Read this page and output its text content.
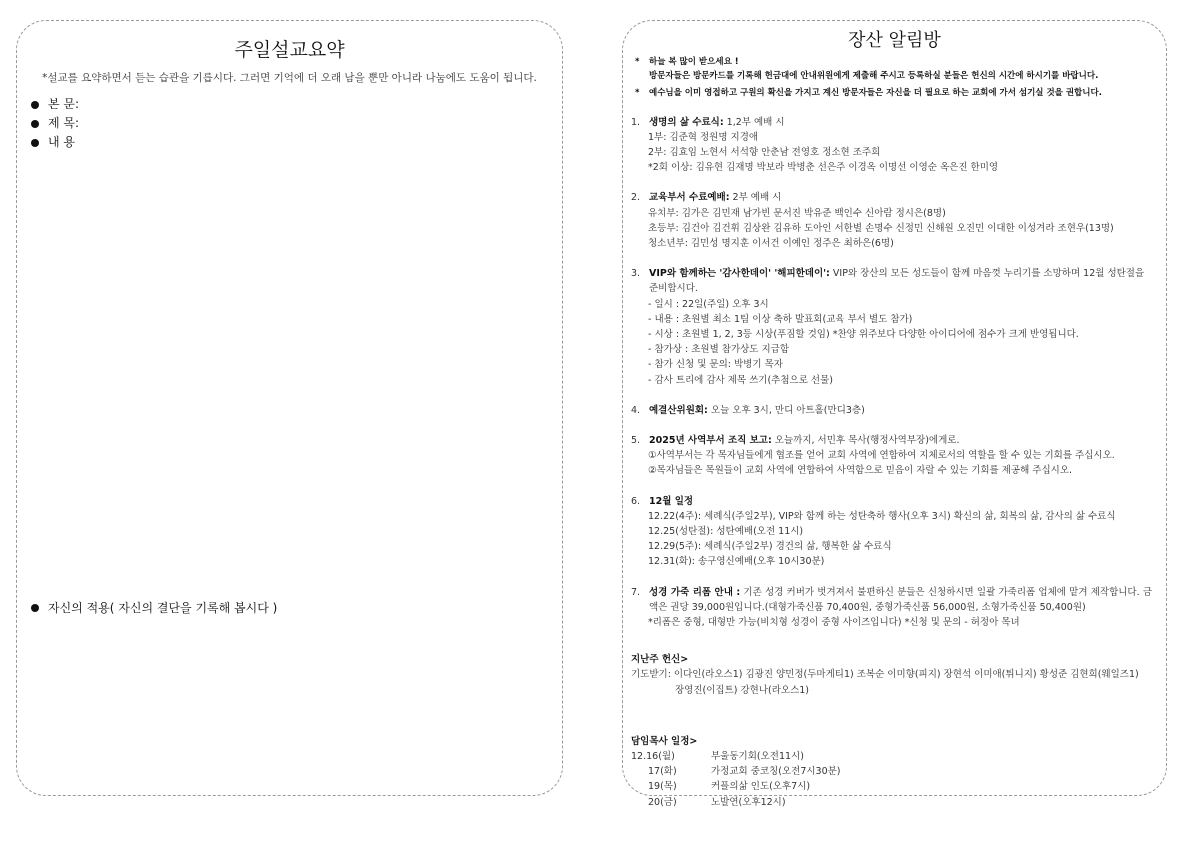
주일설교요약
*설교를 요약하면서 듣는 습관을 기릅시다. 그러면 기억에 더 오래 남을 뿐만 아니라 나눔에도 도움이 됩니다.
본 문:
제 목:
내 용
자신의 적용( 자신의 결단을 기록해 봅시다 )
장산 알림방
*	하늘 복 많이 받으세요 !
방문자들은 방문카드를 기록해 헌금대에 안내위원에게 제출해 주시고 등록하실 분들은 헌신의 시간에 하시기를 바랍니다.
*	예수님을 이미 영접하고 구원의 확신을 가지고 계신 방문자들은 자신을 더 필요로 하는 교회에 가서 섬기실 것을 권합니다.
1. 생명의 삶 수료식: 1,2부 예배 시
1부: 김준혁 정원명 지경애
2부: 김효임 노현서 서석향 안춘남 전영호 정소현 조주희
*2회 이상: 김유현 김재명 박보라 박병춘 선은주 이경옥 이명선 이영순 옥은진 한미영
2. 교육부서 수료예배: 2부 예배 시
유치부: 김가은 김민재 남가빈 문서진 박유준 백인수 신아람 정시은(8명)
초등부: 김건아 김건휘 김상완 김유하 도아인 서한별 손명수 신정민 신해원 오진민 이대한 이성겨라 조현우(13명)
청소년부: 김민성 명지훈 이서건 이예인 정주은 최하은(6명)
3. VIP와 함께하는 '감사한데이' '해피한데이': VIP와 장산의 모든 성도들이 함께 마음껏 누리기를 소망하며 12월 성탄절을 준비합시다.
- 일시 : 22일(주일) 오후 3시
- 내용 : 초원별 최소 1팀 이상 축하 발표회(교육 부서 별도 참가)
- 시상 : 초원별 1, 2, 3등 시상(푸짐할 것임) *찬양 위주보다 다양한 아이디어에 점수가 크게 반영됩니다.
- 참가상 : 초원별 참가상도 지급함
- 참가 신청 및 문의: 박병기 목자
- 감사 트리에 감사 제목 쓰기(추첨으로 선물)
4. 예결산위원회: 오늘 오후 3시, 만디 아트홀(만디3층)
5. 2025년 사역부서 조직 보고: 오늘까지, 서민후 목사(행정사역부장)에게로.
①사역부서는 각 목자님들에게 협조를 얻어 교회 사역에 연합하여 지체로서의 역할을 할 수 있는 기회를 주십시오.
②목자님들은 목원들이 교회 사역에 연합하여 사역함으로 믿음이 자랄 수 있는 기회를 제공해 주십시오.
6. 12월 일정
12.22(4주): 세례식(주일2부), VIP와 함께 하는 성탄축하 행사(오후 3시) 확신의 삶, 회복의 삶, 감사의 삶 수료식
12.25(성탄절): 성탄예배(오전 11시)
12.29(5주): 세례식(주일2부) 경건의 삶, 행복한 삶 수료식
12.31(화): 송구영신예배(오후 10시30분)
7. 성경 가죽 리폼 안내 : 기존 성경 커버가 벗겨져서 불편하신 분들은 신청하시면 일괄 가죽리폼 업체에 맡겨 제작합니다. 금액은 권당 39,000원입니다.(대형가죽신품 70,400원, 중형가죽신품 56,000원, 소형가죽신품 50,400원)
*리폼은 중형, 대형만 가능(비치형 성경이 중형 사이즈입니다) *신청 및 문의 - 허정아 목녀
지난주 헌신>
기도받기: 이다인(라오스1) 김광진 양민정(두마게티1) 조복순 이미향(피지) 장현석 이미애(튀니지) 황성준 김현희(웨일즈1)
장영진(이집트) 강현나(라오스1)
담임목사 일정>
12.16(월)	부울동기회(오전11시)
17(화)	가정교회 중코칭(오전7시30분)
19(목)	커플의삶 인도(오후7시)
20(금)	노발연(오후12시)
